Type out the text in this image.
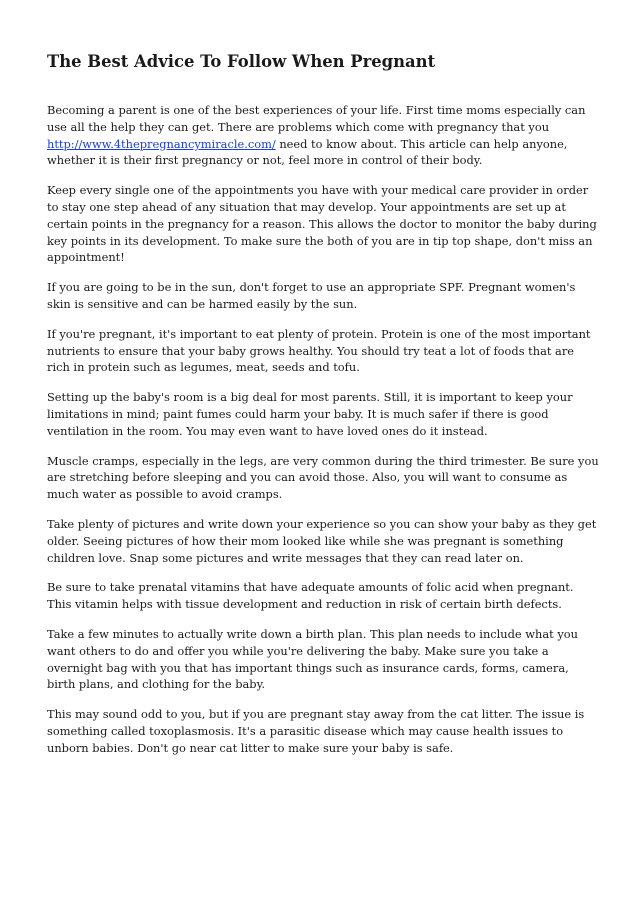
The Best Advice To Follow When Pregnant

Becoming a parent is one of the best experiences of your life. First time moms especially can use all the help they can get. There are problems which come with pregnancy that you http://www.4thepregnancymiracle.com/ need to know about. This article can help anyone, whether it is their first pregnancy or not, feel more in control of their body.

Keep every single one of the appointments you have with your medical care provider in order to stay one step ahead of any situation that may develop. Your appointments are set up at certain points in the pregnancy for a reason. This allows the doctor to monitor the baby during key points in its development. To make sure the both of you are in tip top shape, don't miss an appointment!

If you are going to be in the sun, don't forget to use an appropriate SPF. Pregnant women's skin is sensitive and can be harmed easily by the sun.

If you're pregnant, it's important to eat plenty of protein. Protein is one of the most important nutrients to ensure that your baby grows healthy. You should try teat a lot of foods that are rich in protein such as legumes, meat, seeds and tofu.

Setting up the baby's room is a big deal for most parents. Still, it is important to keep your limitations in mind; paint fumes could harm your baby. It is much safer if there is good ventilation in the room. You may even want to have loved ones do it instead.

Muscle cramps, especially in the legs, are very common during the third trimester. Be sure you are stretching before sleeping and you can avoid those. Also, you will want to consume as much water as possible to avoid cramps.

Take plenty of pictures and write down your experience so you can show your baby as they get older. Seeing pictures of how their mom looked like while she was pregnant is something children love. Snap some pictures and write messages that they can read later on.

Be sure to take prenatal vitamins that have adequate amounts of folic acid when pregnant. This vitamin helps with tissue development and reduction in risk of certain birth defects.

Take a few minutes to actually write down a birth plan. This plan needs to include what you want others to do and offer you while you're delivering the baby. Make sure you take a overnight bag with you that has important things such as insurance cards, forms, camera, birth plans, and clothing for the baby.

This may sound odd to you, but if you are pregnant stay away from the cat litter. The issue is something called toxoplasmosis. It's a parasitic disease which may cause health issues to unborn babies. Don't go near cat litter to make sure your baby is safe.
